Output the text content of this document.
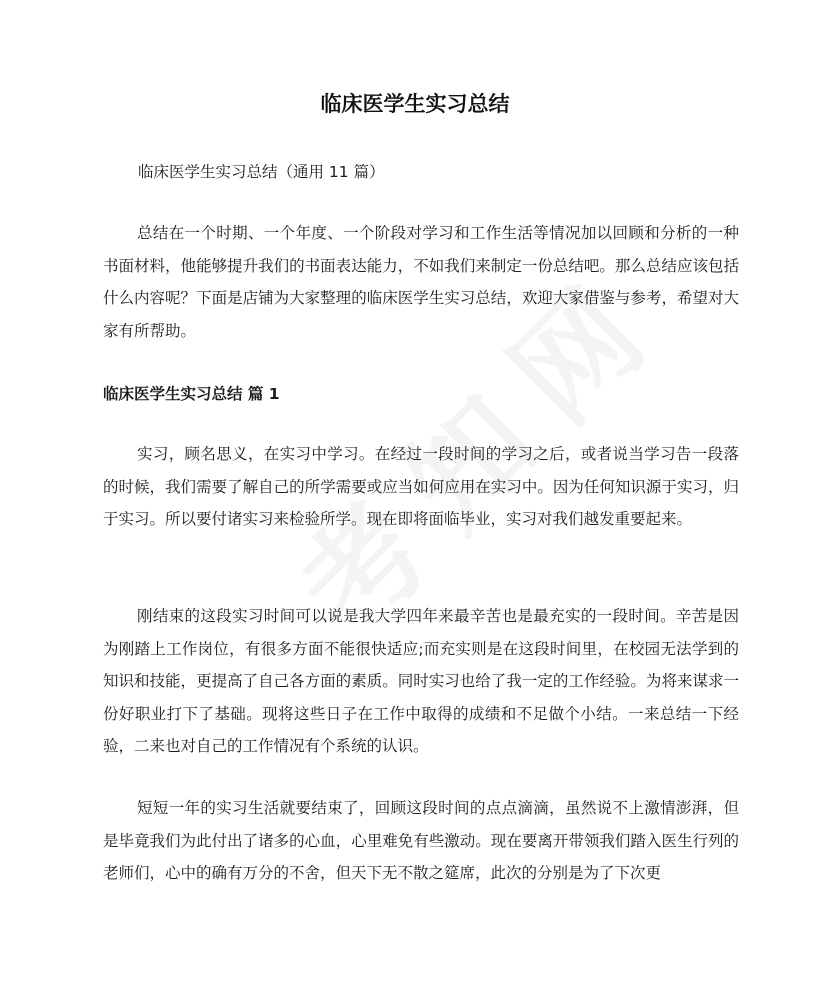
临床医学生实习总结
临床医学生实习总结（通用 11 篇）

总结在一个时期、一个年度、一个阶段对学习和工作生活等情况加以回顾和分析的一种书面材料，他能够提升我们的书面表达能力，不如我们来制定一份总结吧。那么总结应该包括什么内容呢？下面是店铺为大家整理的临床医学生实习总结，欢迎大家借鉴与参考，希望对大家有所帮助。

临床医学生实习总结 篇 1

实习，顾名思义，在实习中学习。在经过一段时间的学习之后，或者说当学习告一段落的时候，我们需要了解自己的所学需要或应当如何应用在实习中。因为任何知识源于实习，归于实习。所以要付诸实习来检验所学。现在即将面临毕业，实习对我们越发重要起来。

刚结束的这段实习时间可以说是我大学四年来最辛苦也是最充实的一段时间。辛苦是因为刚踏上工作岗位，有很多方面不能很快适应;而充实则是在这段时间里，在校园无法学到的知识和技能，更提高了自己各方面的素质。同时实习也给了我一定的工作经验。为将来谋求一份好职业打下了基础。现将这些日子在工作中取得的成绩和不足做个小结。一来总结一下经验，二来也对自己的工作情况有个系统的认识。

短短一年的实习生活就要结束了，回顾这段时间的点点滴滴，虽然说不上激情澎湃，但是毕竟我们为此付出了诸多的心血，心里难免有些激动。现在要离开带领我们踏入医生行列的老师们，心中的确有万分的不舍，但天下无不散之筵席，此次的分别是为了下次更
